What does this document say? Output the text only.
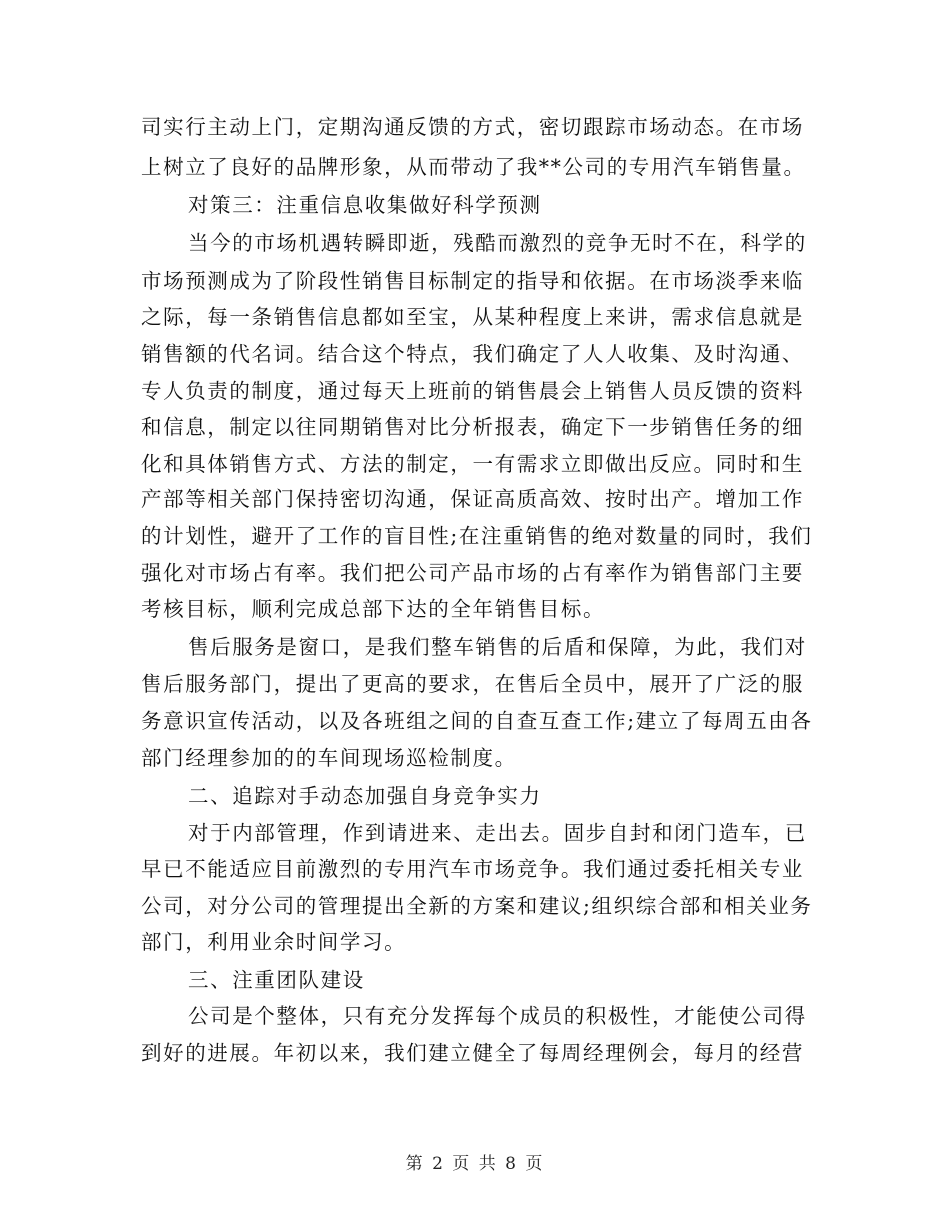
司实行主动上门，定期沟通反馈的方式，密切跟踪市场动态。在市场
上树立了良好的品牌形象，从而带动了我**公司的专用汽车销售量。
对策三：注重信息收集做好科学预测
当今的市场机遇转瞬即逝，残酷而激烈的竞争无时不在，科学的
市场预测成为了阶段性销售目标制定的指导和依据。在市场淡季来临
之际，每一条销售信息都如至宝，从某种程度上来讲，需求信息就是
销售额的代名词。结合这个特点，我们确定了人人收集、及时沟通、
专人负责的制度，通过每天上班前的销售晨会上销售人员反馈的资料
和信息，制定以往同期销售对比分析报表，确定下一步销售任务的细
化和具体销售方式、方法的制定，一有需求立即做出反应。同时和生
产部等相关部门保持密切沟通，保证高质高效、按时出产。增加工作
的计划性，避开了工作的盲目性;在注重销售的绝对数量的同时，我们
强化对市场占有率。我们把公司产品市场的占有率作为销售部门主要
考核目标，顺利完成总部下达的全年销售目标。
售后服务是窗口，是我们整车销售的后盾和保障，为此，我们对
售后服务部门，提出了更高的要求，在售后全员中，展开了广泛的服
务意识宣传活动，以及各班组之间的自查互查工作;建立了每周五由各
部门经理参加的的车间现场巡检制度。
二、追踪对手动态加强自身竞争实力
对于内部管理，作到请进来、走出去。固步自封和闭门造车，已
早已不能适应目前激烈的专用汽车市场竞争。我们通过委托相关专业
公司，对分公司的管理提出全新的方案和建议;组织综合部和相关业务
部门，利用业余时间学习。
三、注重团队建设
公司是个整体，只有充分发挥每个成员的积极性，才能使公司得
到好的进展。年初以来，我们建立健全了每周经理例会，每月的经营
第 2 页 共 8 页
